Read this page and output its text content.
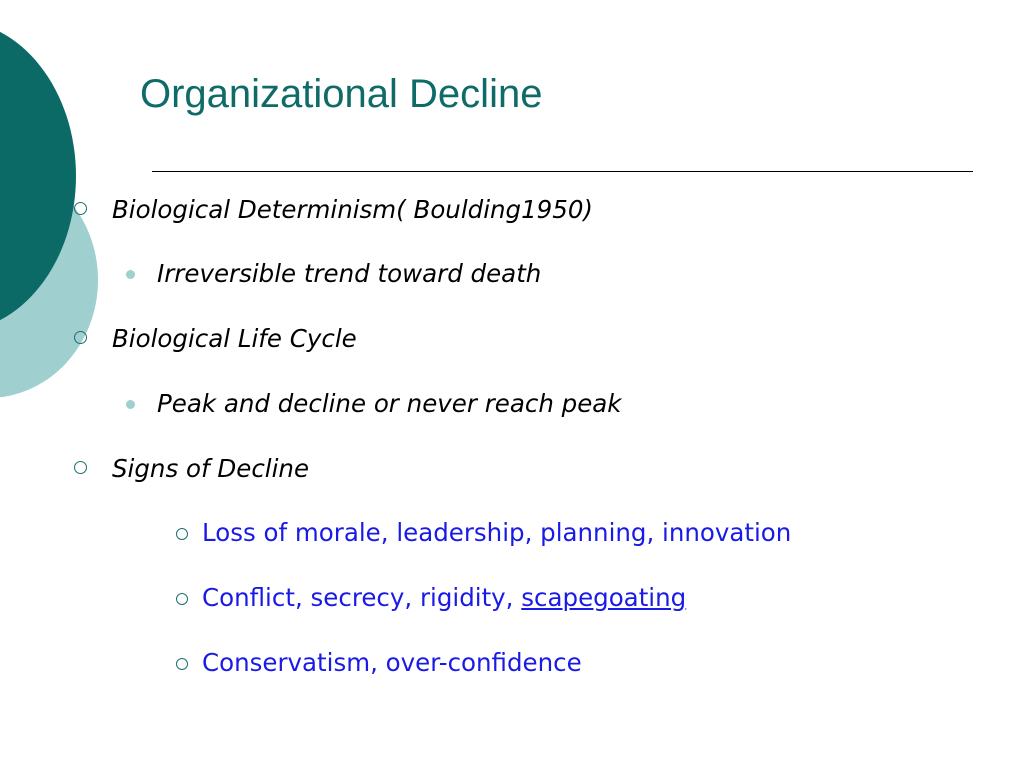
Organizational Decline
Biological Determinism( Boulding1950)
Irreversible trend toward death
Biological Life Cycle
Peak and decline or never reach peak
Signs of Decline
Loss of morale, leadership, planning, innovation
Conflict, secrecy, rigidity, scapegoating
Conservatism, over-confidence
